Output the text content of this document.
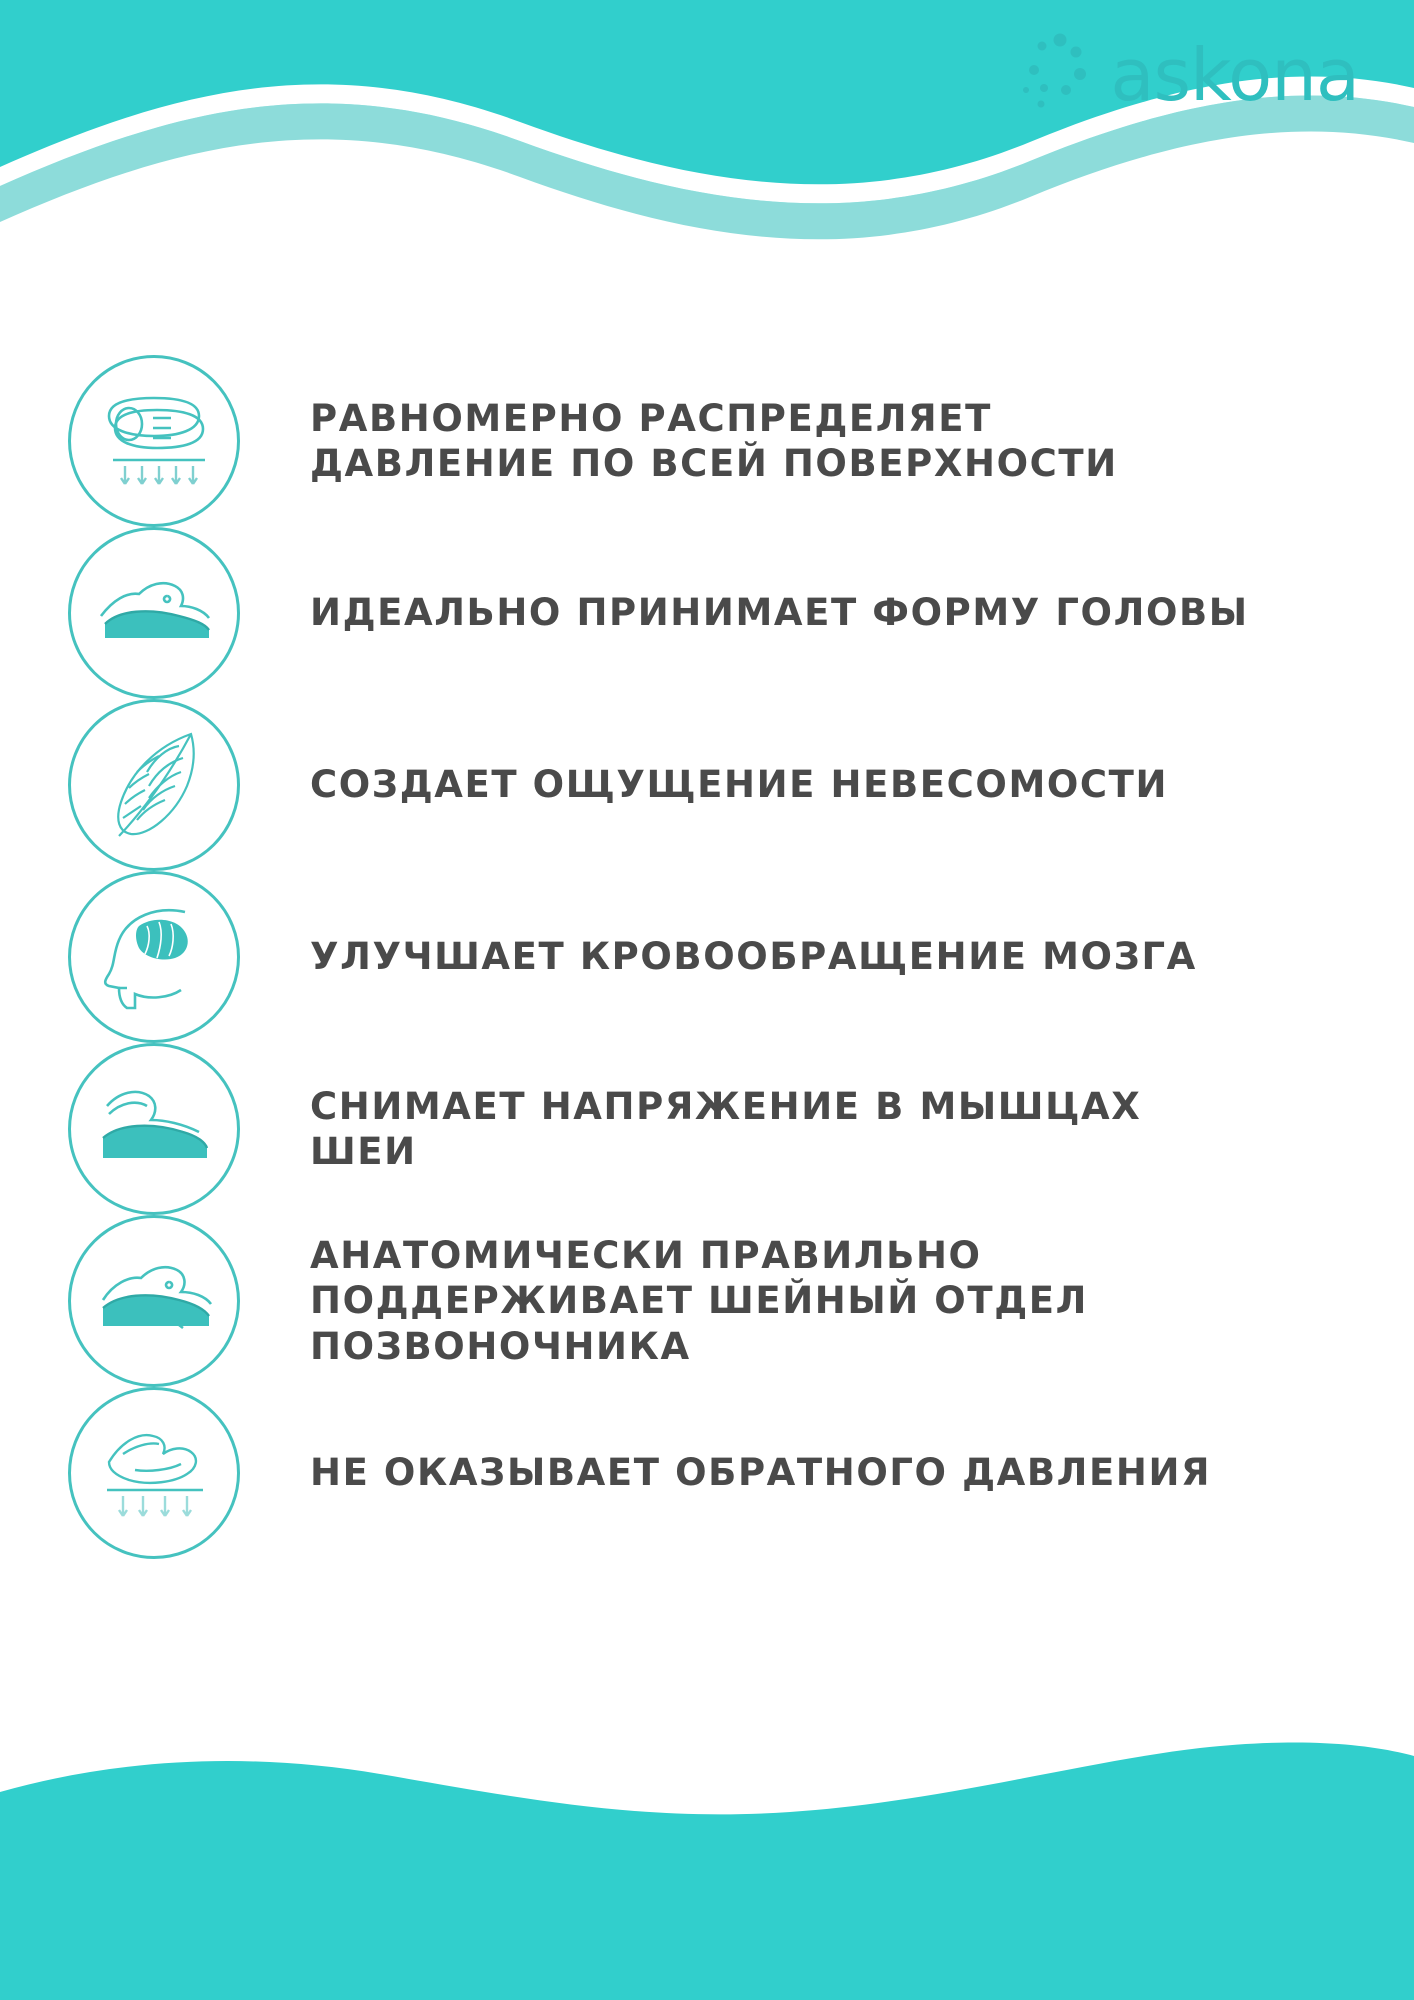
askona
РАВНОМЕРНО РАСПРЕДЕЛЯЕТ ДАВЛЕНИЕ ПО ВСЕЙ ПОВЕРХНОСТИ
ИДЕАЛЬНО ПРИНИМАЕТ ФОРМУ ГОЛОВЫ
СОЗДАЕТ ОЩУЩЕНИЕ НЕВЕСОМОСТИ
УЛУЧШАЕТ КРОВООБРАЩЕНИЕ МОЗГА
СНИМАЕТ НАПРЯЖЕНИЕ В МЫШЦАХ ШЕИ
АНАТОМИЧЕСКИ ПРАВИЛЬНО ПОДДЕРЖИВАЕТ ШЕЙНЫЙ ОТДЕЛ ПОЗВОНОЧНИКА
НЕ ОКАЗЫВАЕТ ОБРАТНОГО ДАВЛЕНИЯ
